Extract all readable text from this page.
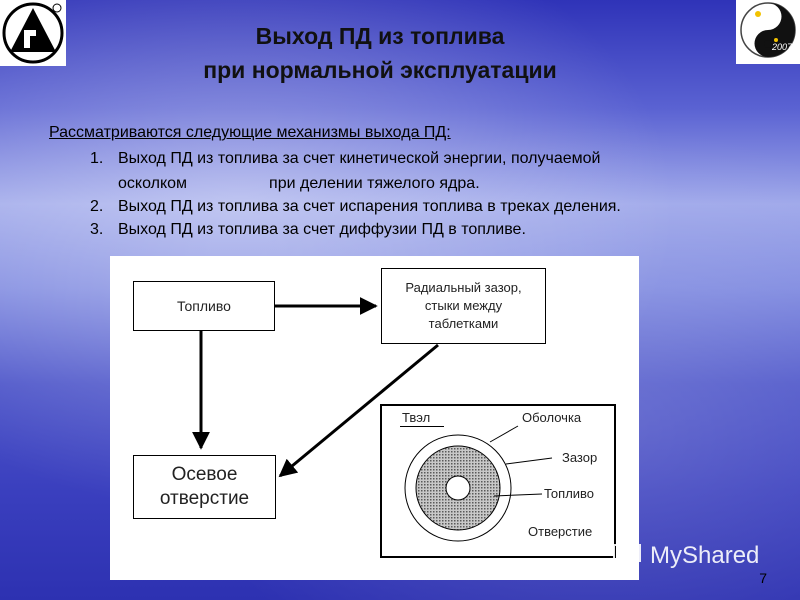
2007
Выход ПД из топлива
при нормальной эксплуатации
Рассматриваются следующие механизмы выхода ПД:
1. Выход ПД из топлива за счет кинетической энергии, получаемой
осколком	при делении тяжелого ядра.
2. Выход ПД из топлива за счет испарения топлива в треках деления.
3. Выход ПД из топлива за счет диффузии ПД в топливе.
Топливо
Радиальный зазор,
стыки между
таблетками
Осевое
отверстие
Твэл	Оболочка
Зазор
Топливо
Отверстие
MyShared
7
